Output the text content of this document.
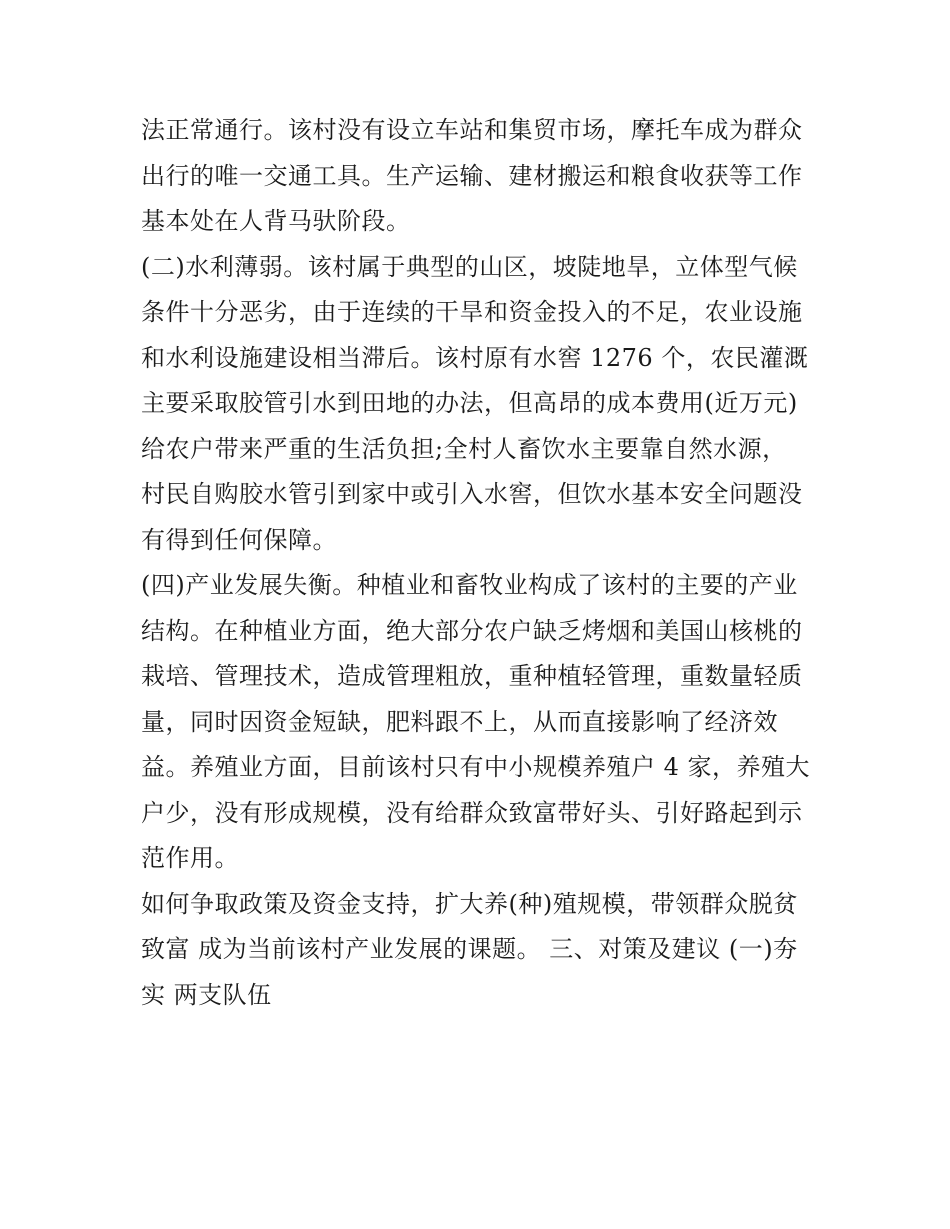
法正常通行。该村没有设立车站和集贸市场，摩托车成为群众
出行的唯一交通工具。生产运输、建材搬运和粮食收获等工作
基本处在人背马驮阶段。
(二)水利薄弱。该村属于典型的山区，坡陡地旱，立体型气候
条件十分恶劣，由于连续的干旱和资金投入的不足，农业设施
和水利设施建设相当滞后。该村原有水窖 1276 个，农民灌溉
主要采取胶管引水到田地的办法，但高昂的成本费用(近万元)
给农户带来严重的生活负担;全村人畜饮水主要靠自然水源，
村民自购胶水管引到家中或引入水窖，但饮水基本安全问题没
有得到任何保障。
(四)产业发展失衡。种植业和畜牧业构成了该村的主要的产业
结构。在种植业方面，绝大部分农户缺乏烤烟和美国山核桃的
栽培、管理技术，造成管理粗放，重种植轻管理，重数量轻质
量，同时因资金短缺，肥料跟不上，从而直接影响了经济效
益。养殖业方面，目前该村只有中小规模养殖户 4 家，养殖大
户少，没有形成规模，没有给群众致富带好头、引好路起到示
范作用。
如何争取政策及资金支持，扩大养(种)殖规模，带领群众脱贫
致富 成为当前该村产业发展的课题。 三、对策及建议 (一)夯
实 两支队伍
